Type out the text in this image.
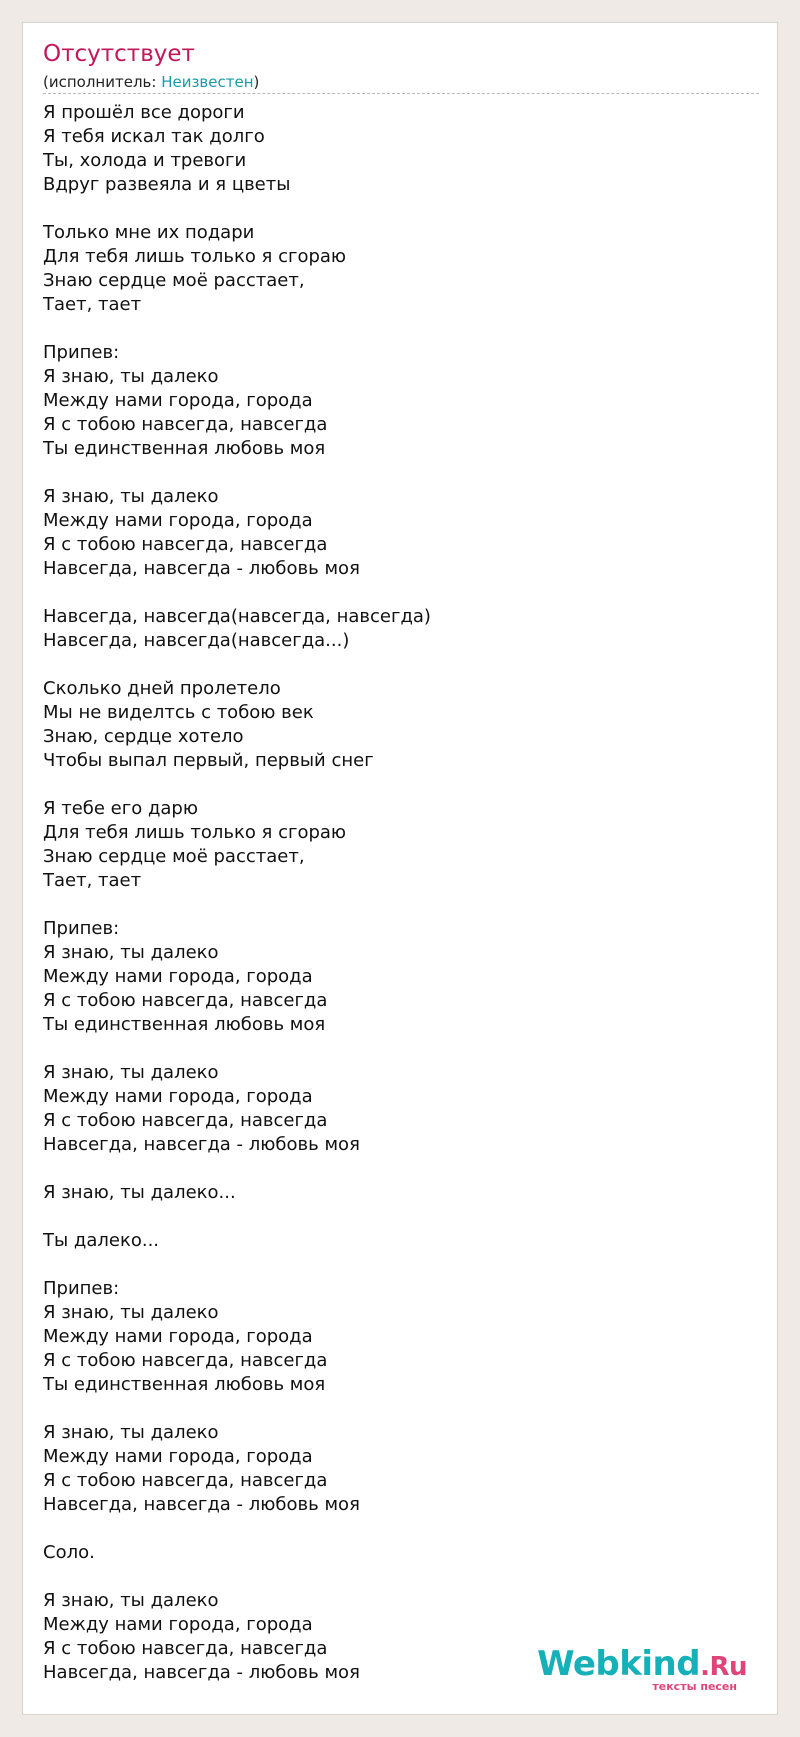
Отсутствует
(исполнитель: Неизвестен)
Я прошёл все дороги
Я тебя искал так долго
Ты, холода и тревоги
Вдруг развеяла и я цветы

Только мне их подари
Для тебя лишь только я сгораю
Знаю сердце моё расстает,
Тает, тает

Припев:
Я знаю, ты далеко
Между нами города, города
Я с тобою навсегда, навсегда
Ты единственная любовь моя

Я знаю, ты далеко
Между нами города, города
Я с тобою навсегда, навсегда
Навсегда, навсегда - любовь моя

Навсегда, навсегда(навсегда, навсегда)
Навсегда, навсегда(навсегда...)

Сколько дней пролетело
Мы не виделтсь с тобою век
Знаю, сердце хотело
Чтобы выпал первый, первый снег

Я тебе его дарю
Для тебя лишь только я сгораю
Знаю сердце моё расстает,
Тает, тает

Припев:
Я знаю, ты далеко
Между нами города, города
Я с тобою навсегда, навсегда
Ты единственная любовь моя

Я знаю, ты далеко
Между нами города, города
Я с тобою навсегда, навсегда
Навсегда, навсегда - любовь моя

Я знаю, ты далеко...

Ты далеко...

Припев:
Я знаю, ты далеко
Между нами города, города
Я с тобою навсегда, навсегда
Ты единственная любовь моя

Я знаю, ты далеко
Между нами города, города
Я с тобою навсегда, навсегда
Навсегда, навсегда - любовь моя

Соло.

Я знаю, ты далеко
Между нами города, города
Я с тобою навсегда, навсегда
Навсегда, навсегда - любовь моя	Webkind.Ru
тексты песен
